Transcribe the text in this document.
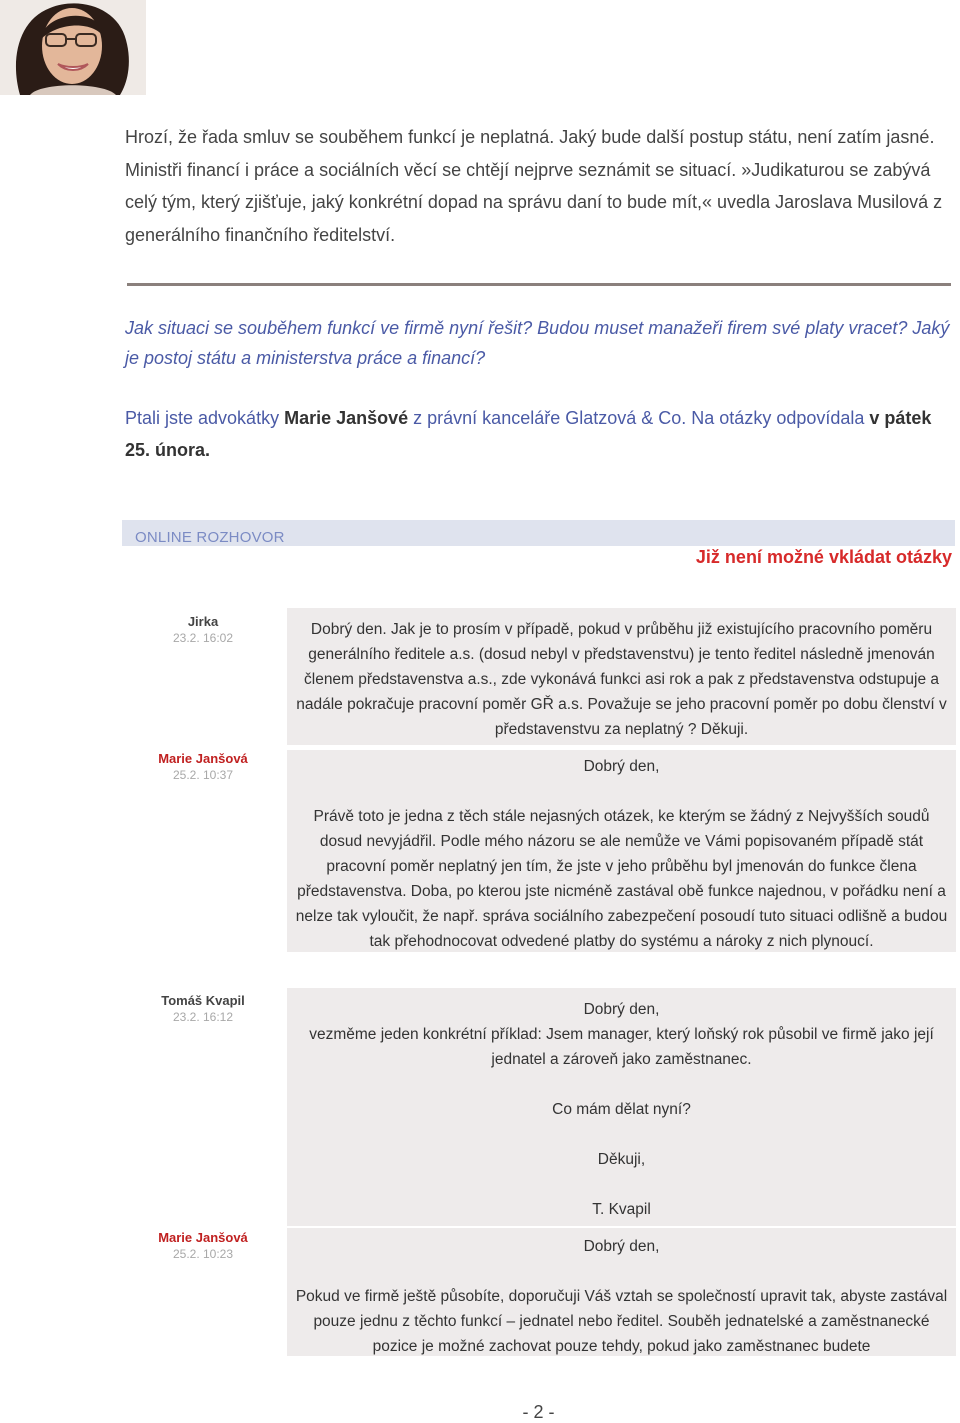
Hrozí, že řada smluv se souběhem funkcí je neplatná. Jaký bude další postup státu, není zatím jasné. Ministři financí i práce a sociálních věcí se chtějí nejprve seznámit se situací. »Judikaturou se zabývá celý tým, který zjišťuje, jaký konkrétní dopad na správu daní to bude mít,« uvedla Jaroslava Musilová z generálního finančního ředitelství.

Jak situaci se souběhem funkcí ve firmě nyní řešit? Budou muset manažeři firem své platy vracet? Jaký je postoj státu a ministerstva práce a financí?

Ptali jste advokátky Marie Janšové z právní kanceláře Glatzová & Co. Na otázky odpovídala v pátek 25. února.

ONLINE ROZHOVOR
Již není možné vkládat otázky
Jirka
23.2. 16:02	Dobrý den. Jak je to prosím v případě, pokud v průběhu již existujícího pracovního poměru generálního ředitele a.s. (dosud nebyl v představenstvu) je tento ředitel následně jmenován členem představenstva a.s., zde vykonává funkci asi rok a pak z představenstva odstupuje a nadále pokračuje pracovní poměr GŘ a.s. Považuje se jeho pracovní poměr po dobu členství v představenstvu za neplatný ? Děkuji.

Marie Janšová
25.2. 10:37	Dobrý den,

Právě toto je jedna z těch stále nejasných otázek, ke kterým se žádný z Nejvyšších soudů dosud nevyjádřil. Podle mého názoru se ale nemůže ve Vámi popisovaném případě stát pracovní poměr neplatný jen tím, že jste v jeho průběhu byl jmenován do funkce člena představenstva. Doba, po kterou jste nicméně zastával obě funkce najednou, v pořádku není a nelze tak vyloučit, že např. správa sociálního zabezpečení posoudí tuto situaci odlišně a budou tak přehodnocovat odvedené platby do systému a nároky z nich plynoucí.

Tomáš Kvapil
23.2. 16:12	Dobrý den,

vezměme jeden konkrétní příklad: Jsem manager, který loňský rok působil ve firmě jako její jednatel a zároveň jako zaměstnanec.

Co mám dělat nyní?

Děkuji,

T. Kvapil

Marie Janšová
25.2. 10:23	Dobrý den,

Pokud ve firmě ještě působíte, doporučuji Váš vztah se společností upravit tak, abyste zastával pouze jednu z těchto funkcí – jednatel nebo ředitel. Souběh jednatelské a zaměstnanecké pozice je možné zachovat pouze tehdy, pokud jako zaměstnanec budete

- 2 -
